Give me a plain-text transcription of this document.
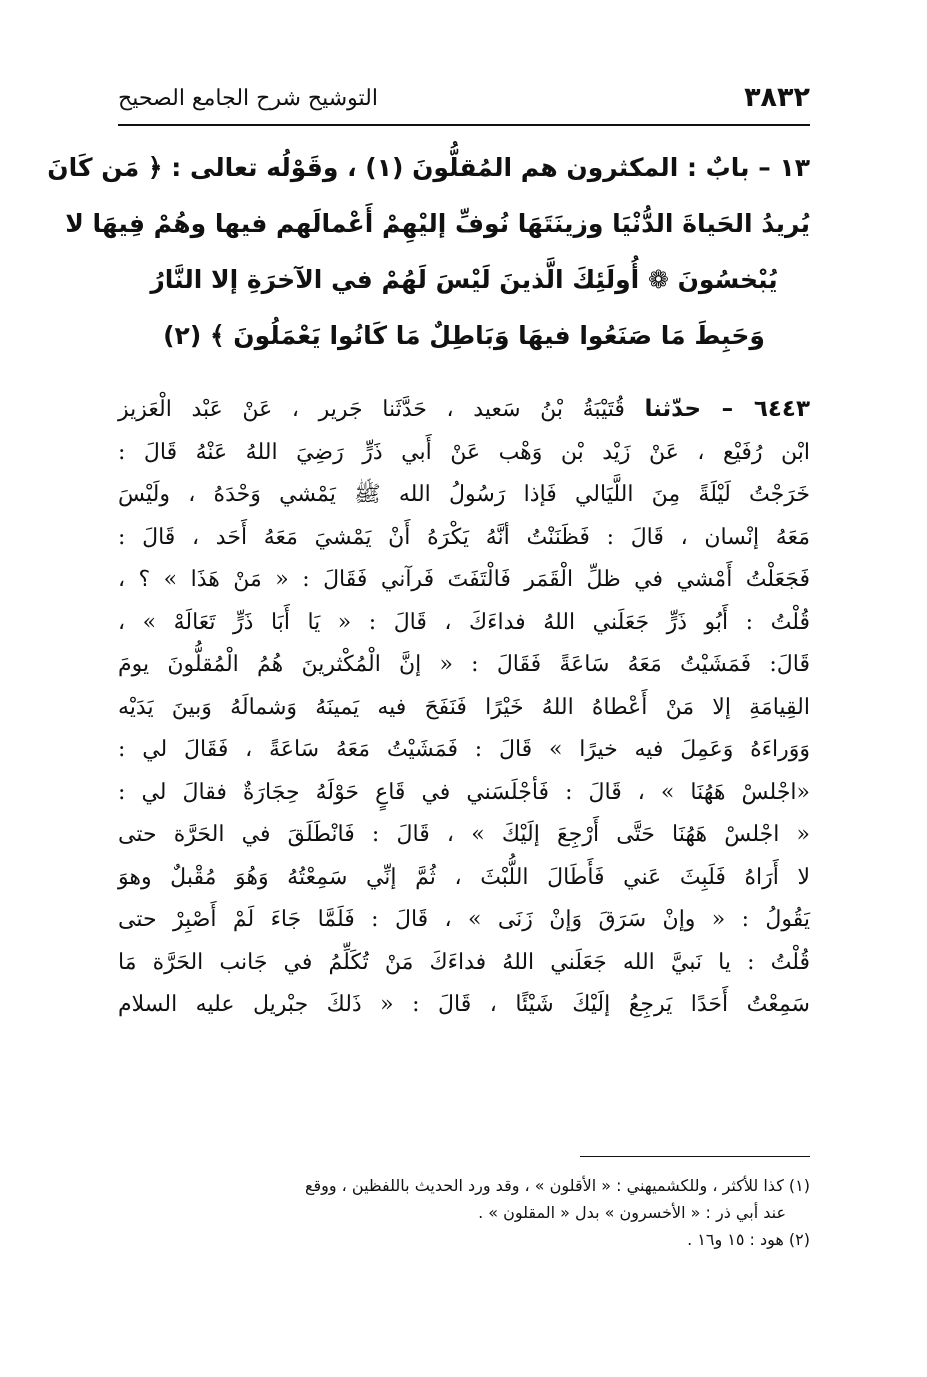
٣٨٣٢
التوشيح شرح الجامع الصحيح
١٣ – بابٌ : المكثرون هم المُقلُّونَ (١) ، وقَوْلُه تعالى : ﴿ مَن كَانَ
يُريدُ الحَياةَ الدُّنْيَا وزينَتَهَا نُوفِّ إليْهِمْ أَعْمالَهم فيها وهُمْ فِيهَا لا
يُبْخسُونَ ❁ أُولَئِكَ الَّذينَ لَيْسَ لَهُمْ في الآخرَةِ إلا النَّارُ
وَحَبِطَ مَا صَنَعُوا فيهَا وَبَاطِلٌ مَا كَانُوا يَعْمَلُونَ ﴾ (٢)
٦٤٤٣ – حدّثنا قُتَيْبَةُ بْنُ سَعيد ، حَدَّثَنا جَرير ، عَنْ عَبْد الْعَزيز
ابْن رُفَيْع ، عَنْ زَيْد بْن وَهْب عَنْ أَبي ذَرٍّ رَضِيَ اللهُ عَنْهُ قَالَ :
خَرَجْتُ لَيْلَةً مِنَ اللَّيَالي فَإذا رَسُولُ الله ﷺ يَمْشي وَحْدَهُ ، ولَيْسَ
مَعَهُ إنْسان ، قَالَ : فَظَنَنْتُ أنَّهُ يَكْرَهُ أَنْ يَمْشيَ مَعَهُ أَحَد ، قَالَ :
فَجَعَلْتُ أَمْشي في ظلِّ الْقَمَر فَالْتَفَتَ فَرآني فَقَالَ : « مَنْ هَذَا » ؟ ،
قُلْتُ : أَبُو ذَرٍّ جَعَلَني اللهُ فداءَكَ ، قَالَ : « يَا أَبَا ذَرٍّ تَعَالَهْ » ،
قَالَ: فَمَشَيْتُ مَعَهُ سَاعَةً فَقَالَ : « إنَّ الْمُكْثرينَ هُمُ الْمُقلُّونَ يومَ
القِيامَةِ إلا مَنْ أَعْطاهُ اللهُ خَيْرًا فَنَفَحَ فيه يَمينَهُ وَشمالَهُ وَبينَ يَدَيْه
وَوَراءَهُ وَعَمِلَ فيه خيرًا » قَالَ : فَمَشَيْتُ مَعَهُ سَاعَةً ، فَقَالَ لي :
«اجْلسْ هَهُنَا » ، قَالَ : فَأجْلَسَني في قَاعٍ حَوْلَهُ حِجَارَةٌ فقالَ لي :
« اجْلسْ هَهُنَا حَتَّى أَرْجِعَ إلَيْكَ » ، قَالَ : فَانْطَلَقَ في الحَرَّة حتى
لا أَرَاهُ فَلَبِثَ عَني فَأَطَالَ اللُّبْثَ ، ثُمَّ إنِّي سَمِعْتُهُ وَهُوَ مُقْبلٌ وهوَ
يَقُولُ : « وإنْ سَرَقَ وَإنْ زَنَى » ، قَالَ : فَلَمَّا جَاءَ لَمْ أَصْبِرْ حتى
قُلْتُ : يا نَبيَّ الله جَعَلَني اللهُ فداءَكَ مَنْ تُكَلِّمُ في جَانب الحَرَّة مَا
سَمِعْتُ أَحَدًا يَرجِعُ إلَيْكَ شَيْئًا ، قَالَ : « ذَلكَ جبْريل عليه السلام
(١) كذا للأكثر ، وللكشميهني : « الأقلون » ، وقد ورد الحديث باللفظين ، ووقع
عند أبي ذر : « الأخسرون » بدل « المقلون » .
(٢) هود : ١٥ و١٦ .
